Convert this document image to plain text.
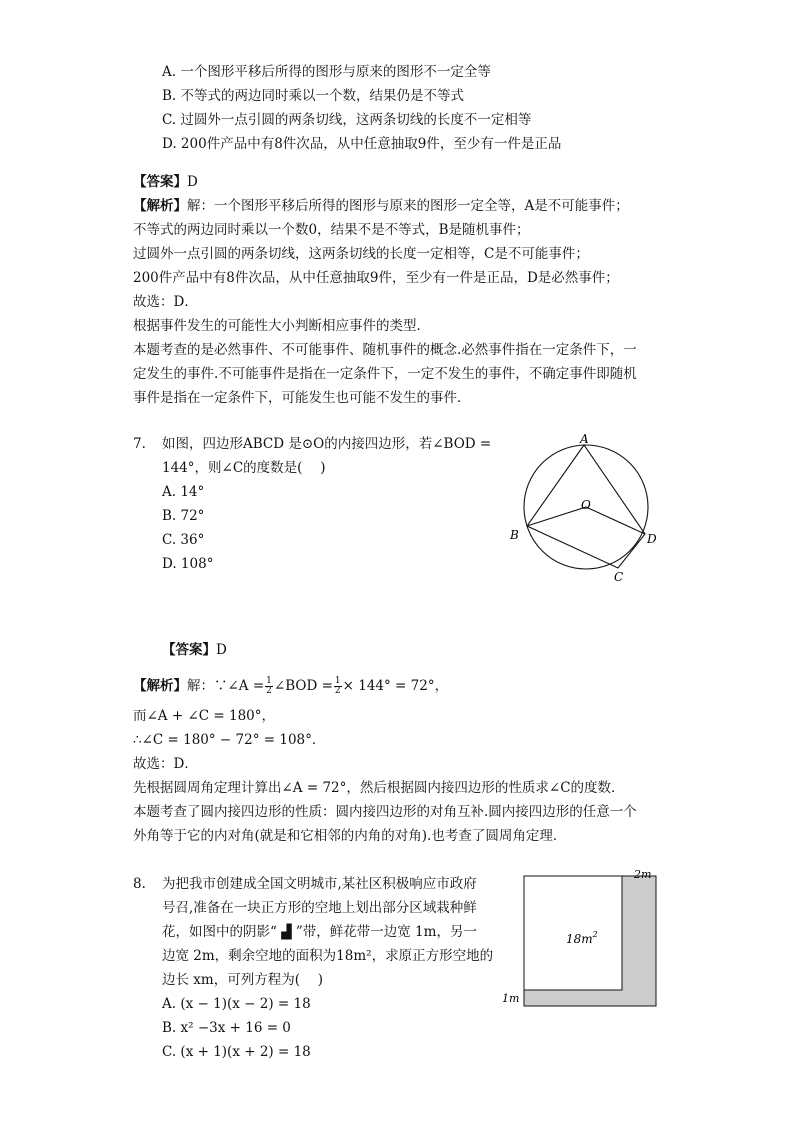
A. 一个图形平移后所得的图形与原来的图形不一定全等
B. 不等式的两边同时乘以一个数，结果仍是不等式
C. 过圆外一点引圆的两条切线，这两条切线的长度不一定相等
D. 200件产品中有8件次品，从中任意抽取9件，至少有一件是正品
【答案】D
【解析】解：一个图形平移后所得的图形与原来的图形一定全等，A是不可能事件；
不等式的两边同时乘以一个数0，结果不是不等式，B是随机事件；
过圆外一点引圆的两条切线，这两条切线的长度一定相等，C是不可能事件；
200件产品中有8件次品，从中任意抽取9件，至少有一件是正品，D是必然事件；
故选：D．
根据事件发生的可能性大小判断相应事件的类型．
本题考查的是必然事件、不可能事件、随机事件的概念.必然事件指在一定条件下，一
定发生的事件.不可能事件是指在一定条件下，一定不发生的事件，不确定事件即随机
事件是指在一定条件下，可能发生也可能不发生的事件．
7. 如图，四边形ABCD 是⊙O的内接四边形，若∠BOD =
144°，则∠C的度数是(　 )
A. 14°
B. 72°
C. 36°
D. 108°
A
O
B	D
C
【答案】D
【解析】解：∵∠A = $\frac{1}{2}$ ∠BOD = $\frac{1}{2} \times 144^\circ = 72^\circ$，
而∠A + ∠C = 180°，
∴∠C = 180° − 72° = 108°．
故选：D．
先根据圆周角定理计算出∠A = 72°，然后根据圆内接四边形的性质求∠C的度数．
本题考查了圆内接四边形的性质：圆内接四边形的对角互补.圆内接四边形的任意一个
外角等于它的内对角(就是和它相邻的内角的对角).也考查了圆周角定理．
8. 为把我市创建成全国文明城市,某社区积极响应市政府
号召,准备在一块正方形的空地上划出部分区域栽种鲜
花，如图中的阴影“ ▟ ”带，鲜花带一边宽 1m，另一
边宽 2m，剩余空地的面积为18m²，求原正方形空地的
边长 xm，可列方程为(　 )
A. (x − 1)(x − 2) = 18
B. x² −3x + 16 = 0
C. (x + 1)(x + 2) = 18
2m
$18m^2$
1m
